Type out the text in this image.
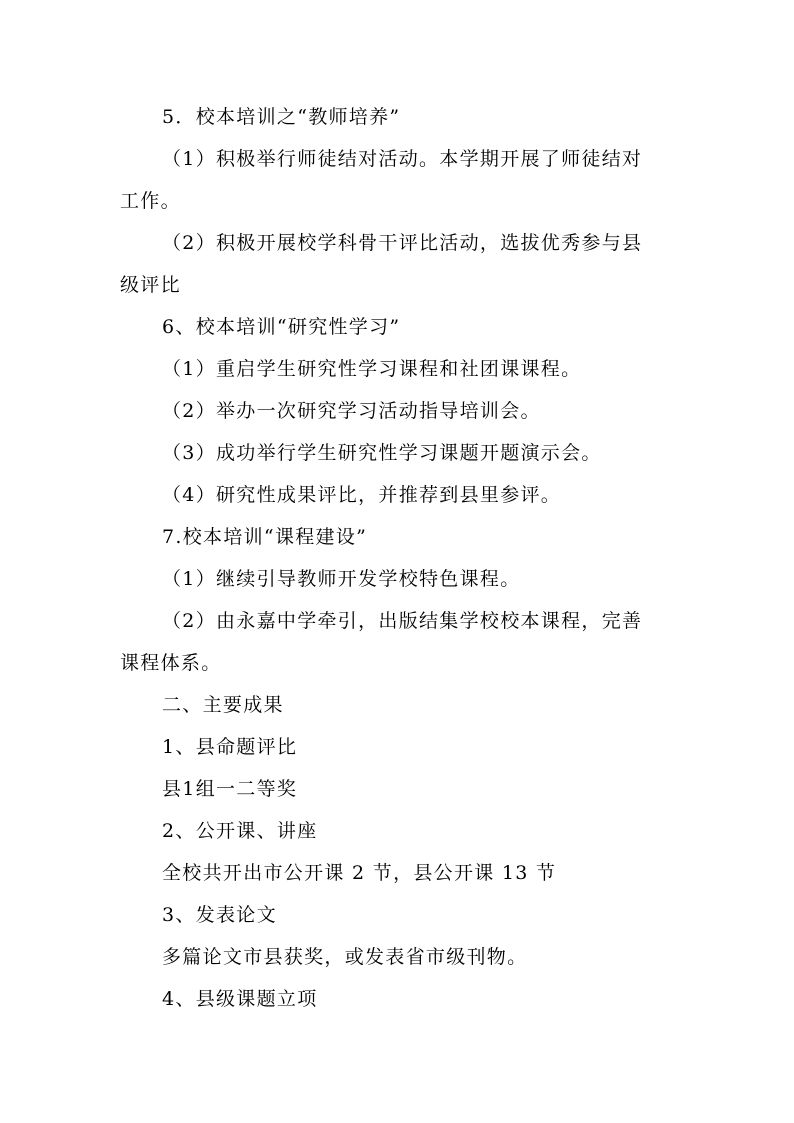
5．校本培训之“教师培养”
（1）积极举行师徒结对活动。本学期开展了师徒结对
工作。
（2）积极开展校学科骨干评比活动，选拔优秀参与县
级评比
6、校本培训“研究性学习”
（1）重启学生研究性学习课程和社团课课程。
（2）举办一次研究学习活动指导培训会。
（3）成功举行学生研究性学习课题开题演示会。
（4）研究性成果评比，并推荐到县里参评。
7.校本培训“课程建设”
（1）继续引导教师开发学校特色课程。
（2）由永嘉中学牵引，出版结集学校校本课程，完善
课程体系。
二、主要成果
1、县命题评比
县1组一二等奖
2、公开课、讲座
全校共开出市公开课 2 节，县公开课 13 节
3、发表论文
多篇论文市县获奖，或发表省市级刊物。
4、县级课题立项
